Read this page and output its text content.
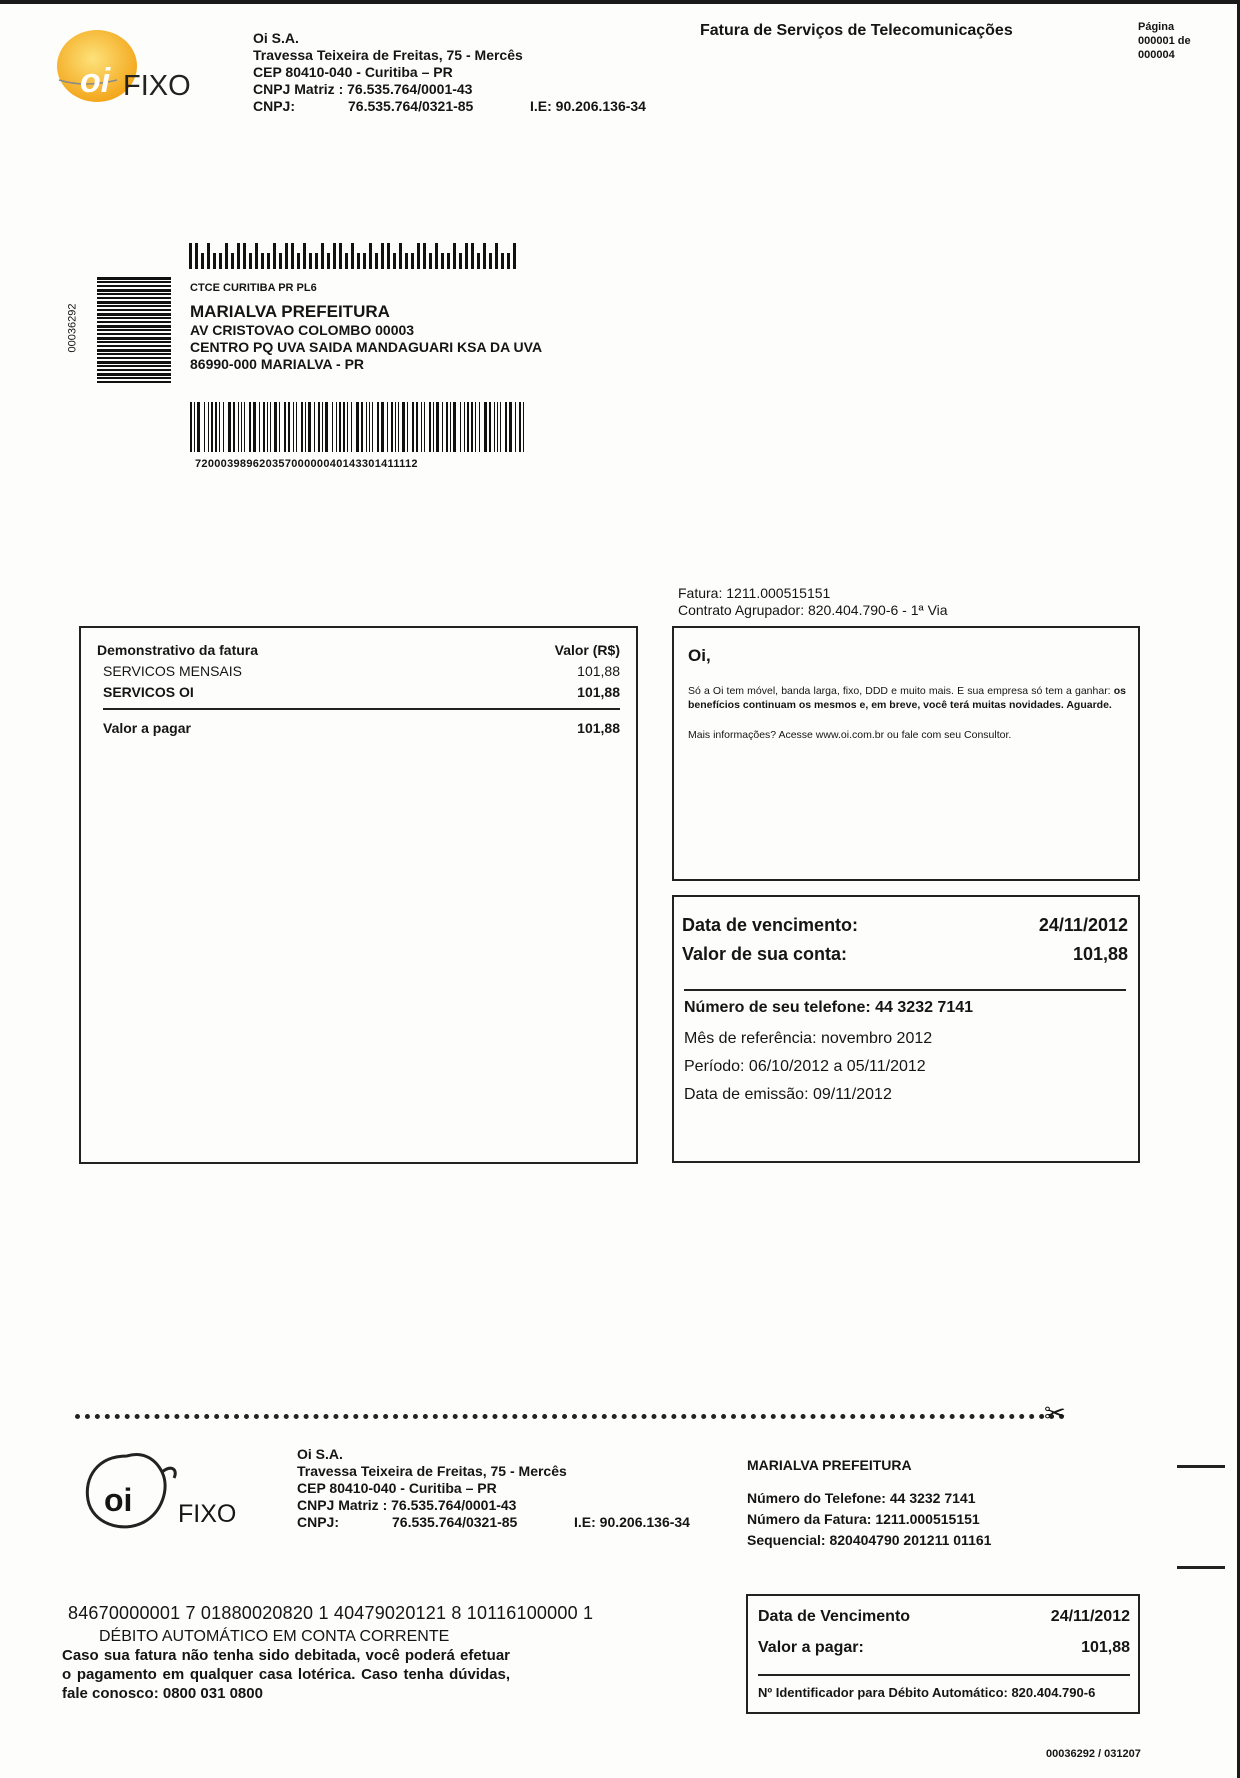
oi FIXO
Oi S.A.
Travessa Teixeira de Freitas, 75 - Mercês
CEP 80410-040 - Curitiba – PR
CNPJ Matriz : 76.535.764/0001-43
CNPJ:	76.535.764/0321-85	I.E: 90.206.136-34
Fatura de Serviços de Telecomunicações	Página
000001 de
000004
00036292
CTCE CURITIBA PR PL6
MARIALVA PREFEITURA
AV CRISTOVAO COLOMBO 00003
CENTRO PQ UVA SAIDA MANDAGUARI KSA DA UVA
86990-000 MARIALVA - PR
72000398962035700000040143301411112
Fatura: 1211.000515151
Contrato Agrupador: 820.404.790-6 - 1ª Via
Demonstrativo da fatura	Valor (R$)
SERVICOS MENSAIS	101,88
SERVICOS OI	101,88
Valor a pagar	101,88
Oi,
Só a Oi tem móvel, banda larga, fixo, DDD e muito mais. E sua empresa só tem a ganhar: os benefícios continuam os mesmos e, em breve, você terá muitas novidades. Aguarde.
Mais informações? Acesse www.oi.com.br ou fale com seu Consultor.
Data de vencimento:	24/11/2012
Valor de sua conta:	101,88
Número de seu telefone: 44 3232 7141
Mês de referência: novembro 2012
Período: 06/10/2012 a 05/11/2012
Data de emissão: 09/11/2012
✂
oi FIXO
Oi S.A.
Travessa Teixeira de Freitas, 75 - Mercês
CEP 80410-040 - Curitiba – PR
CNPJ Matriz : 76.535.764/0001-43
CNPJ:	76.535.764/0321-85	I.E: 90.206.136-34
MARIALVA PREFEITURA
Número do Telefone: 44 3232 7141
Número da Fatura: 1211.000515151
Sequencial: 820404790 201211 01161
84670000001 7 01880020820 1 40479020121 8 10116100000 1
DÉBITO AUTOMÁTICO EM CONTA CORRENTE
Caso sua fatura não tenha sido debitada, você poderá efetuar o pagamento em qualquer casa lotérica. Caso tenha dúvidas, fale conosco: 0800 031 0800
Data de Vencimento	24/11/2012
Valor a pagar:	101,88
Nº Identificador para Débito Automático: 820.404.790-6
00036292 / 031207
